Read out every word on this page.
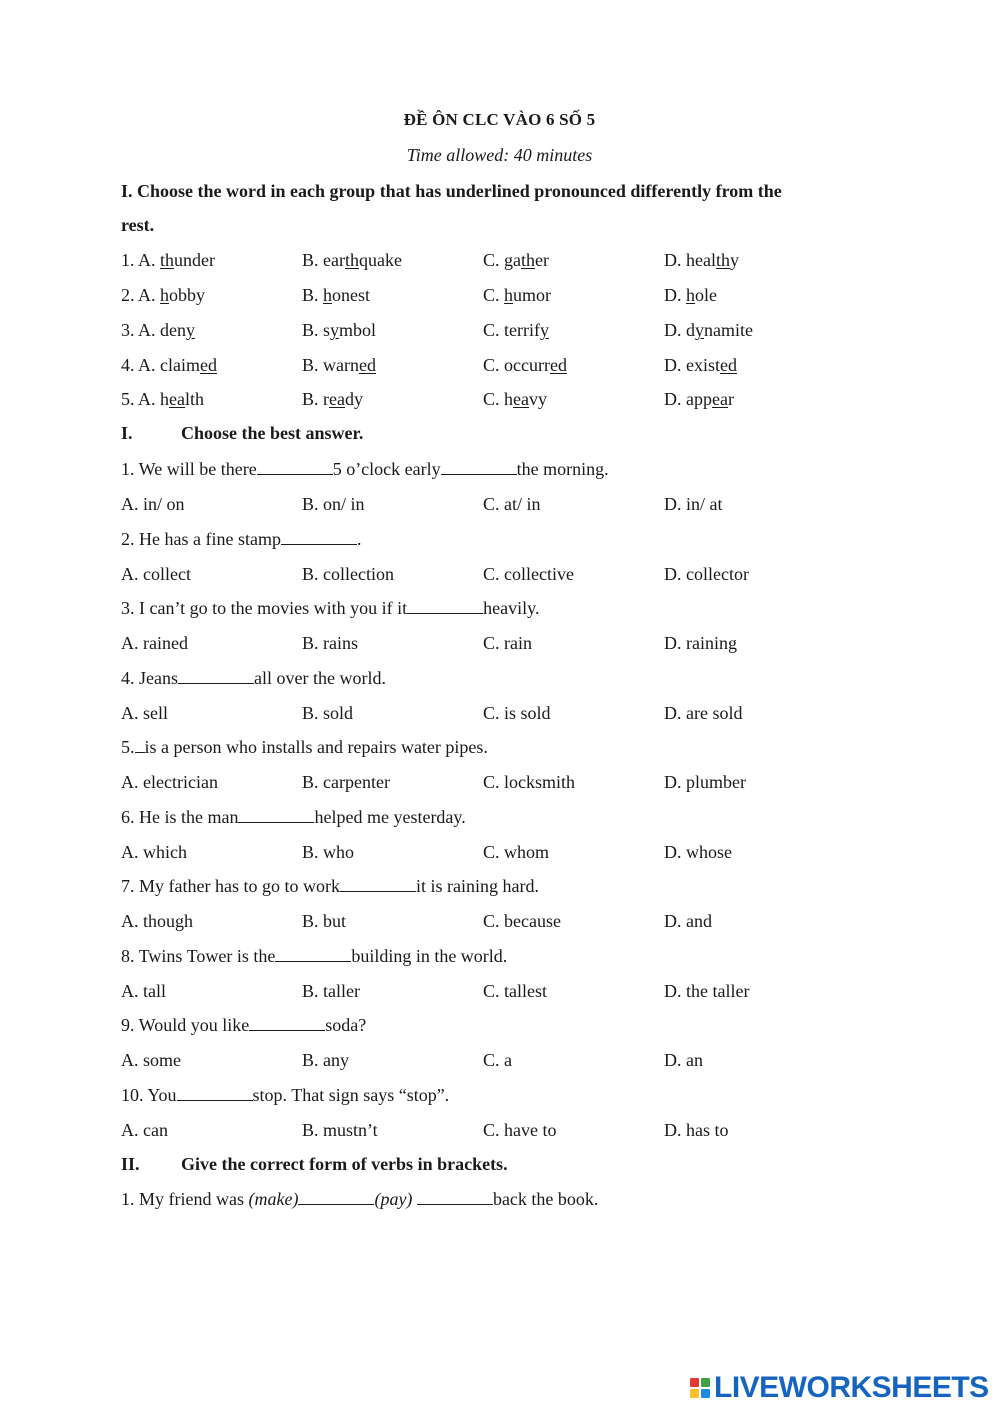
ĐỀ ÔN CLC VÀO 6 SỐ 5
Time allowed: 40 minutes
I. Choose the word in each group that has underlined pronounced differently from the
rest.
1. A. thunder	B. earthquake	C. gather	D. healthy
2. A. hobby	B. honest	C. humor	D. hole
3. A. deny	B. symbol	C. terrify	D. dynamite
4. A. claimed	B. warned	C. occurred	D. existed
5. A. health	B. ready	C. heavy	D. appear
I.	Choose the best answer.
1. We will be there	5 o’clock early	the morning.
A. in/ on	B. on/ in	C. at/ in	D. in/ at
2. He has a fine stamp	.
A. collect	B. collection	C. collective	D. collector
3. I can’t go to the movies with you if it	heavily.
A. rained	B. rains	C. rain	D. raining
4. Jeans	all over the world.
A. sell	B. sold	C. is sold	D. are sold
5. is a person who installs and repairs water pipes.
A. electrician	B. carpenter	C. locksmith	D. plumber
6. He is the man	helped me yesterday.
A. which	B. who	C. whom	D. whose
7. My father has to go to work	it is raining hard.
A. though	B. but	C. because	D. and
8. Twins Tower is the	building in the world.
A. tall	B. taller	C. tallest	D. the taller
9. Would you like	soda?
A. some	B. any	C. a	D. an
10. You	stop. That sign says “stop”.
A. can	B. mustn’t	C. have to	D. has to
II. Give the correct form of verbs in brackets.
1. My friend was (make)	(pay)	back the book.
LIVEWORKSHEETS
